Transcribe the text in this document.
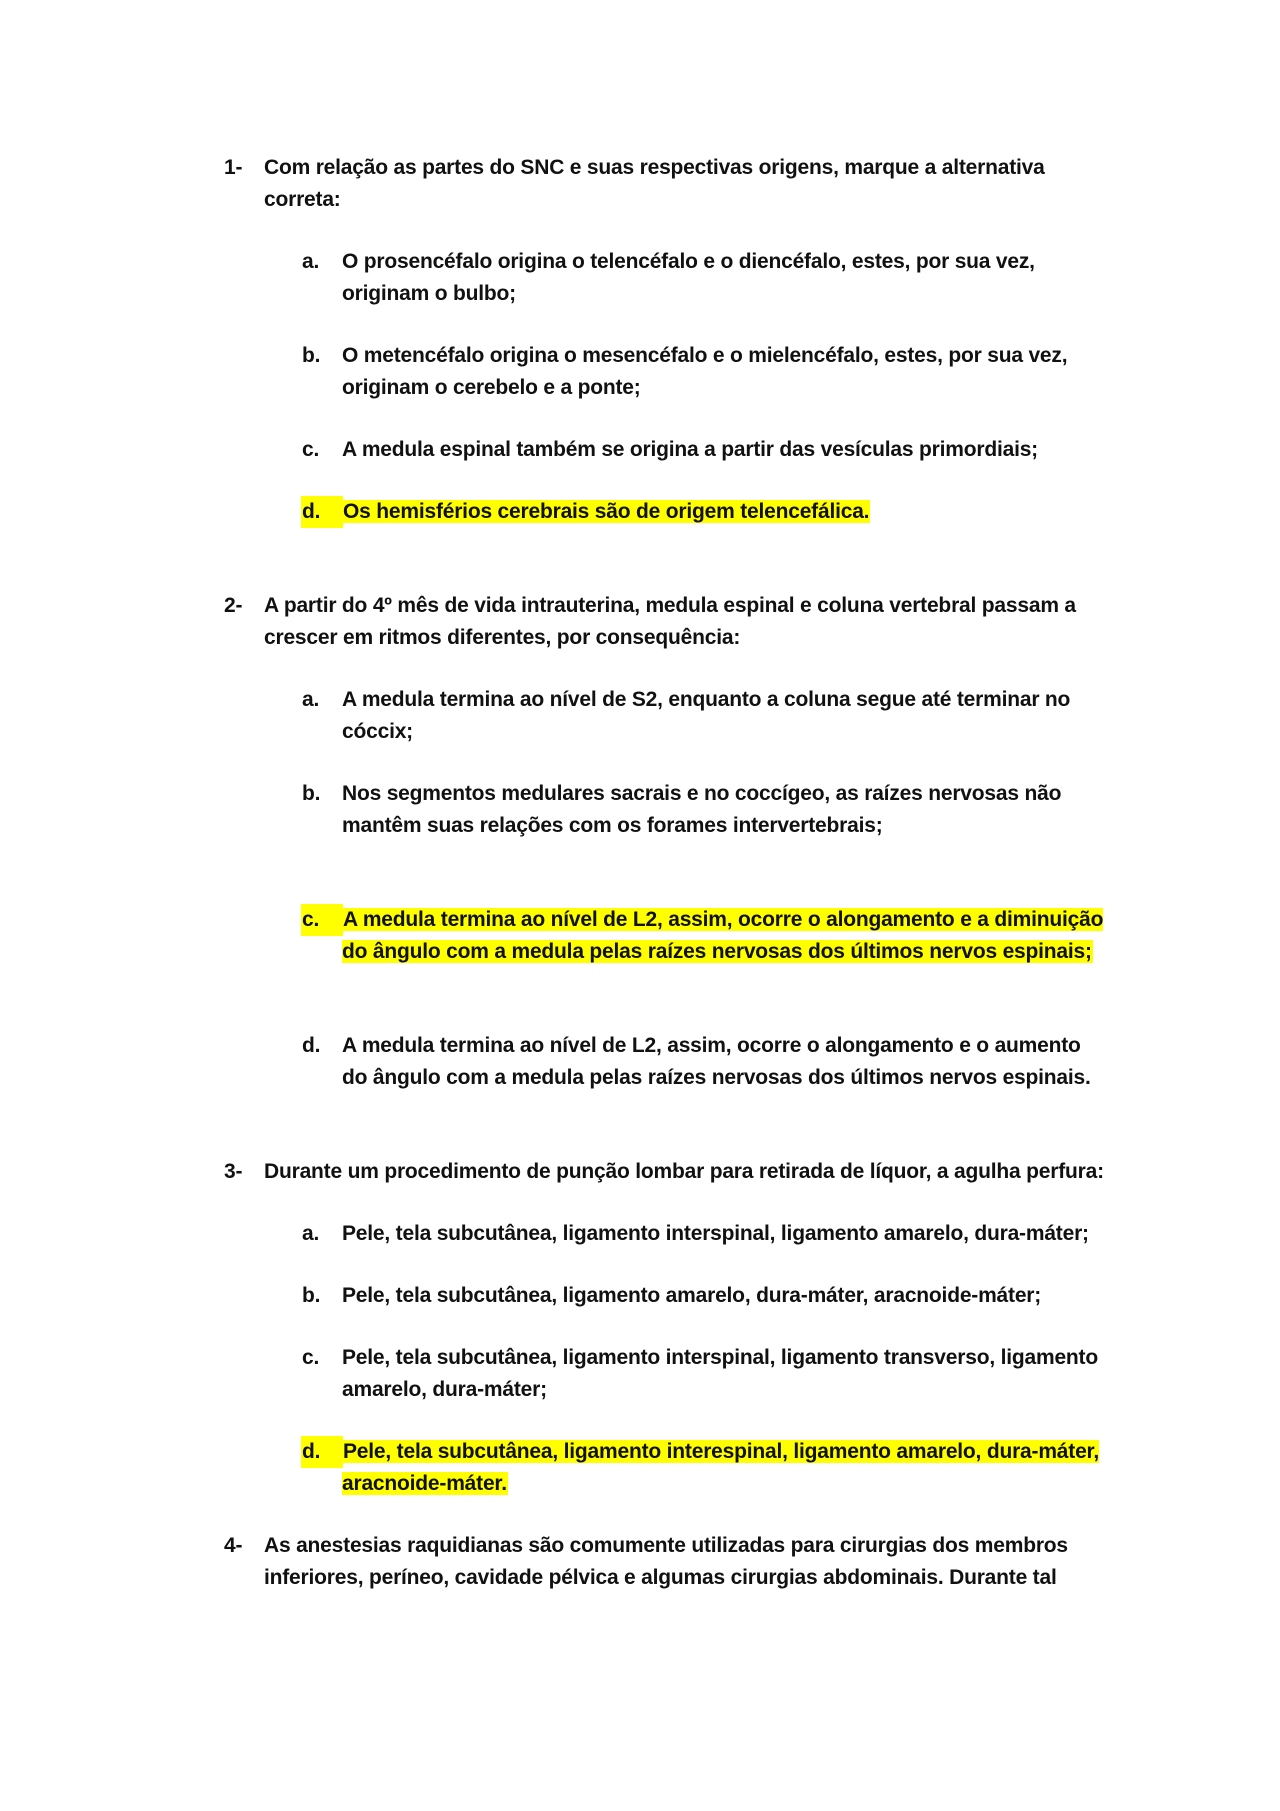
1- Com relação as partes do SNC e suas respectivas origens, marque a alternativa correta:
a.	O prosencéfalo origina o telencéfalo e o diencéfalo, estes, por sua vez, originam o bulbo;
b.	O metencéfalo origina o mesencéfalo e o mielencéfalo, estes, por sua vez, originam o cerebelo e a ponte;
c.	A medula espinal também se origina a partir das vesículas primordiais;
d.	Os hemisférios cerebrais são de origem telencefálica.
2- A partir do 4º mês de vida intrauterina, medula espinal e coluna vertebral passam a crescer em ritmos diferentes, por consequência:
a.	A medula termina ao nível de S2, enquanto a coluna segue até terminar no cóccix;
b.	Nos segmentos medulares sacrais e no coccígeo, as raízes nervosas não mantêm suas relações com os forames intervertebrais;
c.	A medula termina ao nível de L2, assim, ocorre o alongamento e a diminuição do ângulo com a medula pelas raízes nervosas dos últimos nervos espinais;
d.	A medula termina ao nível de L2, assim, ocorre o alongamento e o aumento do ângulo com a medula pelas raízes nervosas dos últimos nervos espinais.
3- Durante um procedimento de punção lombar para retirada de líquor, a agulha perfura:
a.	Pele, tela subcutânea, ligamento interspinal, ligamento amarelo, dura-máter;
b.	Pele, tela subcutânea, ligamento amarelo, dura-máter, aracnoide-máter;
c.	Pele, tela subcutânea, ligamento interspinal, ligamento transverso, ligamento amarelo, dura-máter;
d.	Pele, tela subcutânea, ligamento interespinal, ligamento amarelo, dura-máter, aracnoide-máter.
4- As anestesias raquidianas são comumente utilizadas para cirurgias dos membros inferiores, períneo, cavidade pélvica e algumas cirurgias abdominais. Durante tal
